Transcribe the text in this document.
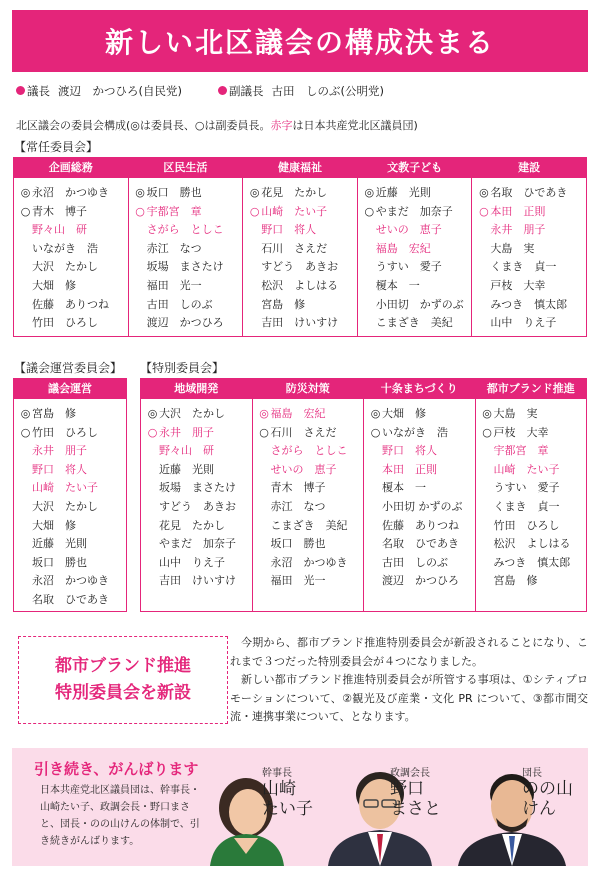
新しい北区議会の構成決まる
議長 渡辺　かつひろ(自民党)	副議長 古田　しのぶ(公明党)
北区議会の委員会構成(◎は委員長、○は副委員長。赤字は日本共産党北区議員団)
【常任委員会】
企画総務
◎ 永沼　かつゆき
○ 青木　博子
野々山　研
いながき　浩
大沢　たかし
大畑　修
佐藤　ありつね
竹田　ひろし
区民生活
◎ 坂口　勝也
○ 宇都宮　章
さがら　としこ
赤江　なつ
坂場　まさたけ
福田　光一
古田　しのぶ
渡辺　かつひろ
健康福祉
◎ 花見　たかし
○ 山崎　たい子
野口　将人
石川　さえだ
すどう　あきお
松沢　よしはる
宮島　修
吉田　けいすけ
文教子ども
◎ 近藤　光則
○ やまだ　加奈子
せいの　恵子
福島　宏紀
うすい　愛子
榎本　一
小田切　かずのぶ
こまざき　美紀
建設
◎ 名取　ひであき
○ 本田　正則
永井　朋子
大島　実
くまき　貞一
戸枝　大幸
みつき　慎太郎
山中　りえ子
【議会運営委員会】 【特別委員会】
議会運営
◎ 宮島　修
○ 竹田　ひろし
永井　朋子
野口　将人
山崎　たい子
大沢　たかし
大畑　修
近藤　光則
坂口　勝也
永沼　かつゆき
名取　ひであき
地域開発
◎ 大沢　たかし
○ 永井　朋子
野々山　研
近藤　光則
坂場　まさたけ
すどう　あきお
花見　たかし
やまだ　加奈子
山中　りえ子
吉田　けいすけ
防災対策
◎ 福島　宏紀
○ 石川　さえだ
さがら　としこ
せいの　恵子
青木　博子
赤江　なつ
こまざき　美紀
坂口　勝也
永沼　かつゆき
福田　光一
十条まちづくり
◎ 大畑　修
○ いながき　浩
野口　将人
本田　正則
榎本　一
小田切 かずのぶ
佐藤　ありつね
名取　ひであき
古田　しのぶ
渡辺　かつひろ
都市ブランド推進
◎ 大島　実
○ 戸枝　大幸
宇都宮　章
山崎　たい子
うすい　愛子
くまき　貞一
竹田　ひろし
松沢　よしはる
みつき　慎太郎
宮島　修
都市ブランド推進
特別委員会を新設

今期から、都市ブランド推進特別委員会が新設されることになり、これまで３つだった特別委員会が４つになりました。

新しい都市ブランド推進特別委員会が所管する事項は、①シティプロモーションについて、②観光及び産業・文化 PR について、③都市間交流・連携事業について、となります。

引き続き、がんばります
日本共産党北区議員団は、幹事長・山崎たい子、政調会長・野口まさと、団長・のの山けんの体制で、引き続きがんばります。
幹事長
山崎
たい子
政調会長
野口
まさと
団長
のの山
けん
